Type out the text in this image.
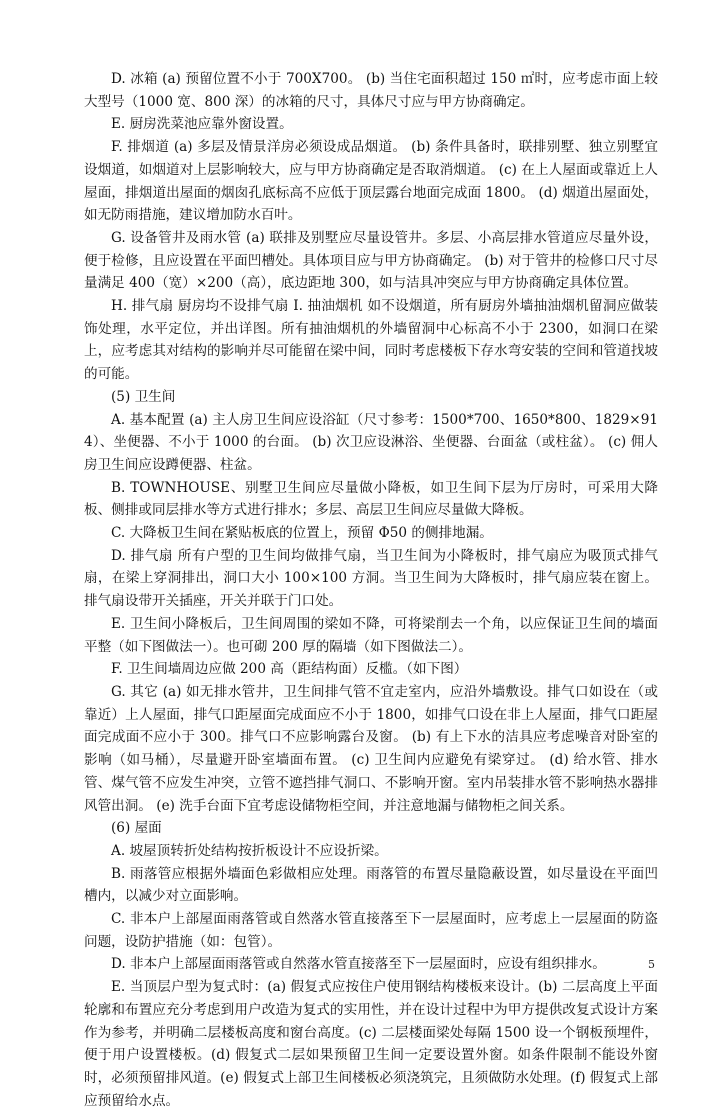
D. 冰箱 (a) 预留位置不小于 700X700。 (b) 当住宅面积超过 150 ㎡时，应考虑市面上较大型号（1000 宽、800 深）的冰箱的尺寸，具体尺寸应与甲方协商确定。

E. 厨房洗菜池应靠外窗设置。

F. 排烟道 (a) 多层及情景洋房必须设成品烟道。 (b) 条件具备时，联排别墅、独立别墅宜设烟道，如烟道对上层影响较大，应与甲方协商确定是否取消烟道。 (c) 在上人屋面或靠近上人屋面，排烟道出屋面的烟囱孔底标高不应低于顶层露台地面完成面 1800。 (d) 烟道出屋面处，如无防雨措施，建议增加防水百叶。

G. 设备管井及雨水管 (a) 联排及别墅应尽量设管井。多层、小高层排水管道应尽量外设，便于检修，且应设置在平面凹槽处。具体项目应与甲方协商确定。 (b) 对于管井的检修口尺寸尽量满足 400（宽）×200（高），底边距地 300，如与洁具冲突应与甲方协商确定具体位置。

H. 排气扇 厨房均不设排气扇 I. 抽油烟机 如不设烟道，所有厨房外墙抽油烟机留洞应做装饰处理，水平定位，并出详图。所有抽油烟机的外墙留洞中心标高不小于 2300，如洞口在梁上，应考虑其对结构的影响并尽可能留在梁中间，同时考虑楼板下存水弯安装的空间和管道找坡的可能。

(5) 卫生间

A. 基本配置 (a) 主人房卫生间应设浴缸（尺寸参考：1500*700、1650*800、1829×914）、坐便器、不小于 1000 的台面。 (b) 次卫应设淋浴、坐便器、台面盆（或柱盆）。 (c) 佣人房卫生间应设蹲便器、柱盆。

B. TOWNHOUSE、别墅卫生间应尽量做小降板，如卫生间下层为厅房时，可采用大降板、侧排或同层排水等方式进行排水；多层、高层卫生间应尽量做大降板。

C. 大降板卫生间在紧贴板底的位置上，预留 Φ50 的侧排地漏。

D. 排气扇 所有户型的卫生间均做排气扇，当卫生间为小降板时，排气扇应为吸顶式排气扇，在梁上穿洞排出，洞口大小 100×100 方洞。当卫生间为大降板时，排气扇应装在窗上。排气扇设带开关插座，开关并联于门口处。

E. 卫生间小降板后，卫生间周围的梁如不降，可将梁削去一个角，以应保证卫生间的墙面平整（如下图做法一）。也可砌 200 厚的隔墙（如下图做法二）。

F. 卫生间墙周边应做 200 高（距结构面）反槛。（如下图）

G. 其它 (a) 如无排水管井，卫生间排气管不宜走室内，应沿外墙敷设。排气口如设在（或靠近）上人屋面，排气口距屋面完成面应不小于 1800，如排气口设在非上人屋面，排气口距屋面完成面不应小于 300。排气口不应影响露台及窗。 (b) 有上下水的洁具应考虑噪音对卧室的影响（如马桶），尽量避开卧室墙面布置。 (c) 卫生间内应避免有梁穿过。 (d) 给水管、排水管、煤气管不应发生冲突，立管不遮挡排气洞口、不影响开窗。室内吊装排水管不影响热水器排风管出洞。 (e) 洗手台面下宜考虑设储物柜空间，并注意地漏与储物柜之间关系。

(6) 屋面

A. 坡屋顶转折处结构按折板设计不应设折梁。

B. 雨落管应根据外墙面色彩做相应处理。雨落管的布置尽量隐蔽设置，如尽量设在平面凹槽内，以减少对立面影响。

C. 非本户上部屋面雨落管或自然落水管直接落至下一层屋面时，应考虑上一层屋面的防盗问题，设防护措施（如：包管）。

D. 非本户上部屋面雨落管或自然落水管直接落至下一层屋面时，应设有组织排水。

E. 当顶层户型为复式时：(a) 假复式应按住户使用钢结构楼板来设计。(b) 二层高度上平面轮廓和布置应充分考虑到用户改造为复式的实用性，并在设计过程中为甲方提供改复式设计方案作为参考，并明确二层楼板高度和窗台高度。(c) 二层楼面梁处每隔 1500 设一个钢板预埋件，便于用户设置楼板。(d) 假复式二层如果预留卫生间一定要设置外窗。如条件限制不能设外窗时，必须预留排风道。(e) 假复式上部卫生间楼板必须浇筑完，且须做防水处理。(f) 假复式上部应预留给水点。

5
